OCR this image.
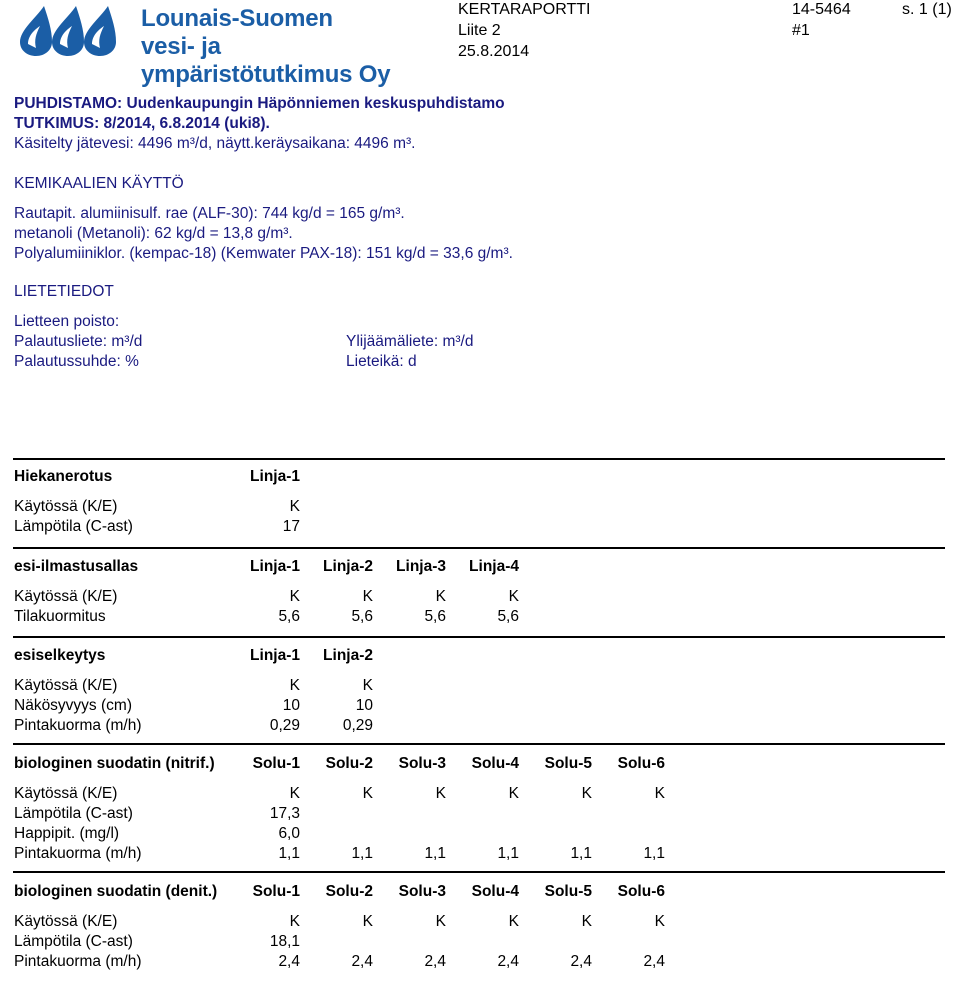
Lounais-Suomen
vesi- ja ympäristötutkimus Oy
KERTARAPORTTI
Liite 2
25.8.2014
14-5464
#1
s. 1 (1)
PUHDISTAMO: Uudenkaupungin Häpönniemen keskuspuhdistamo
TUTKIMUS: 8/2014, 6.8.2014 (uki8).
Käsitelty jätevesi: 4496 m³/d, näytt.keräysaikana: 4496 m³.
KEMIKAALIEN KÄYTTÖ
Rautapit. alumiinisulf. rae (ALF-30): 744 kg/d = 165 g/m³.
metanoli (Metanoli): 62 kg/d = 13,8 g/m³.
Polyalumiiniklor. (kempac-18) (Kemwater PAX-18): 151 kg/d = 33,6 g/m³.
LIETETIEDOT
Lietteen poisto:
Palautusliete: m³/d
Palautussuhde: %
Ylijäämäliete: m³/d
Lieteikä: d
Hiekanerotus	Linja-1
Käytössä (K/E)	K
Lämpötila (C-ast)	17
esi-ilmastusallas	Linja-1	Linja-2	Linja-3	Linja-4
Käytössä (K/E)	K	K	K	K
Tilakuormitus	5,6	5,6	5,6	5,6
esiselkeytys	Linja-1	Linja-2
Käytössä (K/E)	K	K
Näkösyvyys (cm)	10	10
Pintakuorma (m/h)	0,29	0,29
biologinen suodatin (nitrif.)	Solu-1	Solu-2	Solu-3	Solu-4	Solu-5	Solu-6
Käytössä (K/E)	K	K	K	K	K	K
Lämpötila (C-ast)	17,3
Happipit. (mg/l)	6,0
Pintakuorma (m/h)	1,1	1,1	1,1	1,1	1,1	1,1
biologinen suodatin (denit.)	Solu-1	Solu-2	Solu-3	Solu-4	Solu-5	Solu-6
Käytössä (K/E)	K	K	K	K	K	K
Lämpötila (C-ast)	18,1
Pintakuorma (m/h)	2,4	2,4	2,4	2,4	2,4	2,4
